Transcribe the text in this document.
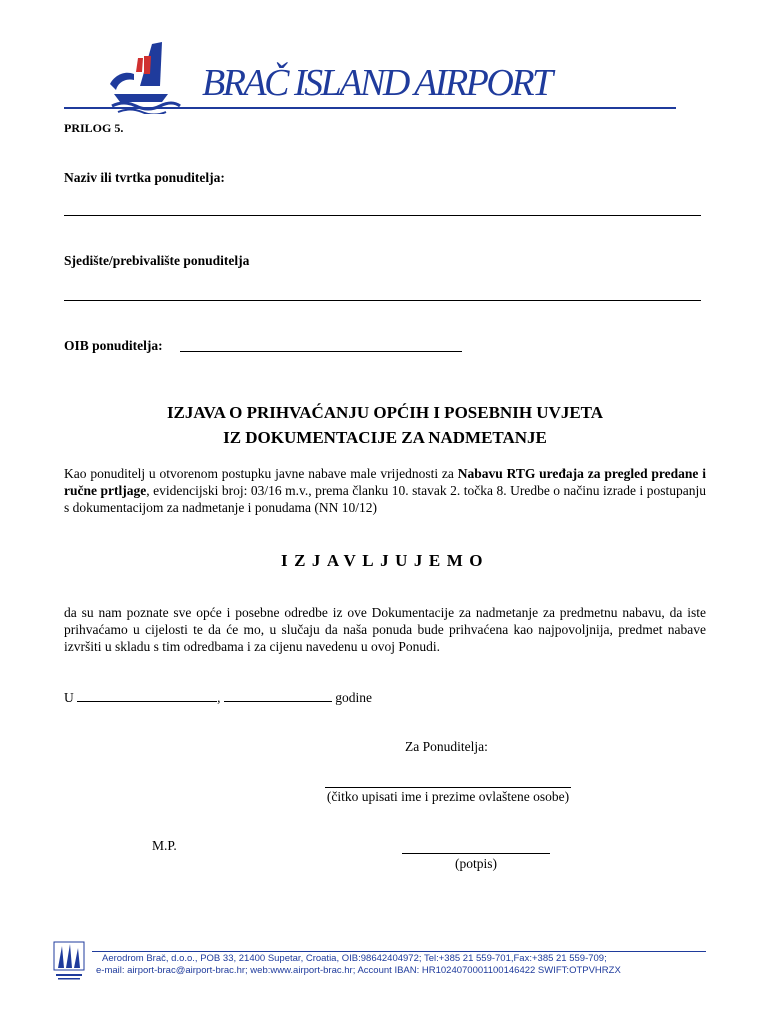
BRAČ ISLAND AIRPORT
PRILOG 5.
Naziv ili tvrtka ponuditelja:
Sjedište/prebivalište ponuditelja
OIB ponuditelja:
IZJAVA O PRIHVAĆANJU OPĆIH I POSEBNIH UVJETA
IZ DOKUMENTACIJE ZA NADMETANJE
Kao ponuditelj u otvorenom postupku javne nabave male vrijednosti za Nabavu RTG uređaja za pregled predane i ručne prtljage, evidencijski broj: 03/16 m.v., prema članku 10. stavak 2. točka 8. Uredbe o načinu izrade i postupanju s dokumentacijom za nadmetanje i ponudama (NN 10/12)
IZJAVLJUJEMO
da su nam poznate sve opće i posebne odredbe iz ove Dokumentacije za nadmetanje za predmetnu nabavu, da iste prihvaćamo u cijelosti te da će mo, u slučaju da naša ponuda bude prihvaćena kao najpovoljnija, predmet nabave izvršiti u skladu s tim odredbama i za cijenu navedenu u ovoj Ponudi.
U	,	godine
Za Ponuditelja:
(čitko upisati ime i prezime ovlaštene osobe)
M.P.
(potpis)
Aerodrom Brač, d.o.o., POB 33, 21400 Supetar, Croatia, OIB:98642404972; Tel:+385 21 559-701,Fax:+385 21 559-709;
e-mail: airport-brac@airport-brac.hr; web:www.airport-brac.hr; Account IBAN: HR1024070001100146422 SWIFT:OTPVHRZX
